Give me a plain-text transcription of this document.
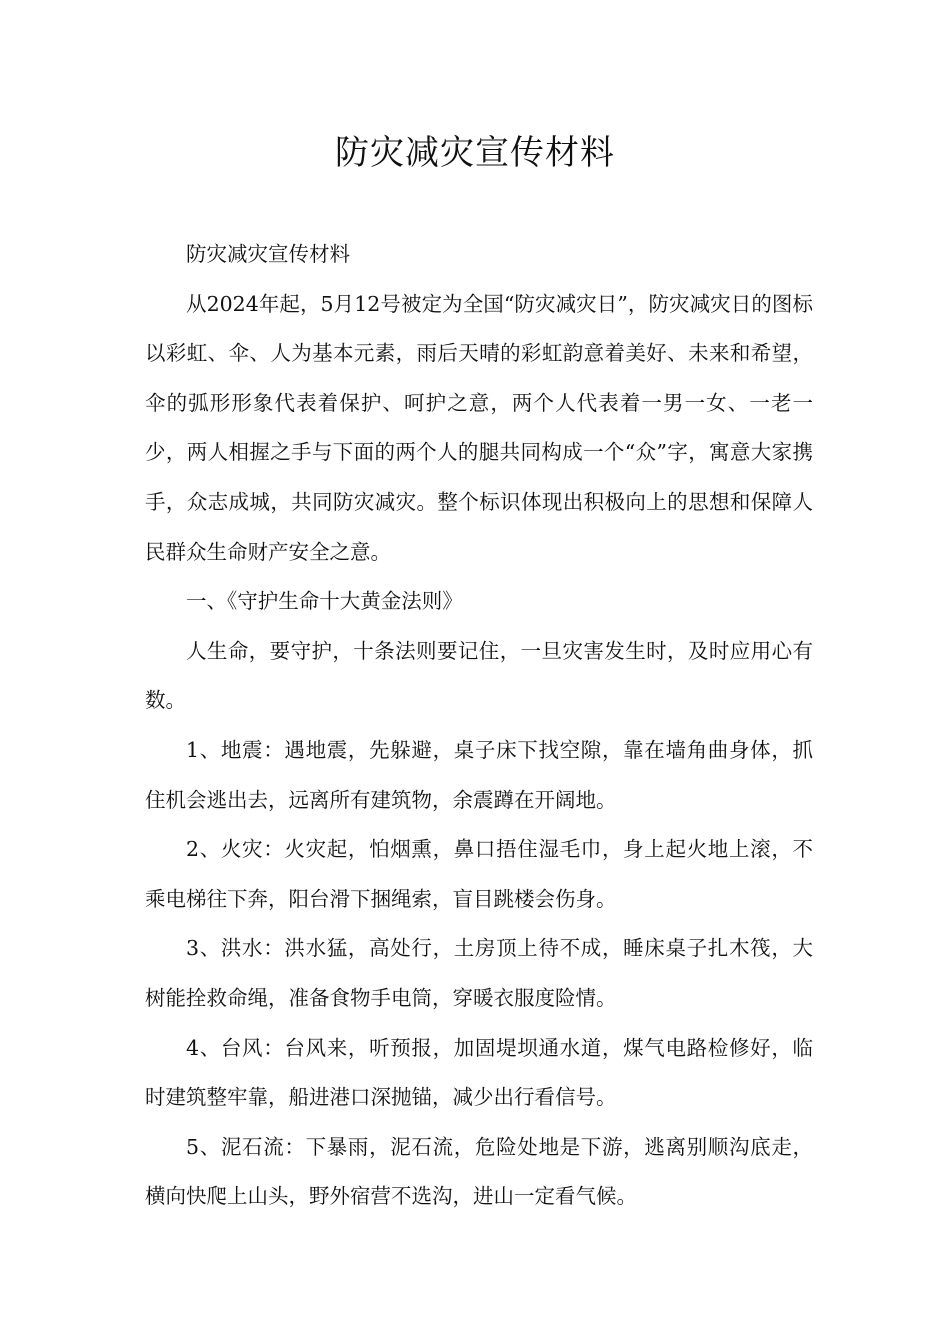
防灾减灾宣传材料

防灾减灾宣传材料

从2024年起，5月12号被定为全国“防灾减灾日”，防灾减灾日的图标以彩虹、伞、人为基本元素，雨后天晴的彩虹韵意着美好、未来和希望，伞的弧形形象代表着保护、呵护之意，两个人代表着一男一女、一老一少，两人相握之手与下面的两个人的腿共同构成一个“众”字，寓意大家携手，众志成城，共同防灾减灾。整个标识体现出积极向上的思想和保障人民群众生命财产安全之意。

一、《守护生命十大黄金法则》

人生命，要守护，十条法则要记住，一旦灾害发生时，及时应用心有数。

1、地震：遇地震，先躲避，桌子床下找空隙，靠在墙角曲身体，抓住机会逃出去，远离所有建筑物，余震蹲在开阔地。

2、火灾：火灾起，怕烟熏，鼻口捂住湿毛巾，身上起火地上滚，不乘电梯往下奔，阳台滑下捆绳索，盲目跳楼会伤身。

3、洪水：洪水猛，高处行，土房顶上待不成，睡床桌子扎木筏，大树能拴救命绳，准备食物手电筒，穿暖衣服度险情。

4、台风：台风来，听预报，加固堤坝通水道，煤气电路检修好，临时建筑整牢靠，船进港口深抛锚，减少出行看信号。

5、泥石流：下暴雨，泥石流，危险处地是下游，逃离别顺沟底走，横向快爬上山头，野外宿营不选沟，进山一定看气候。
